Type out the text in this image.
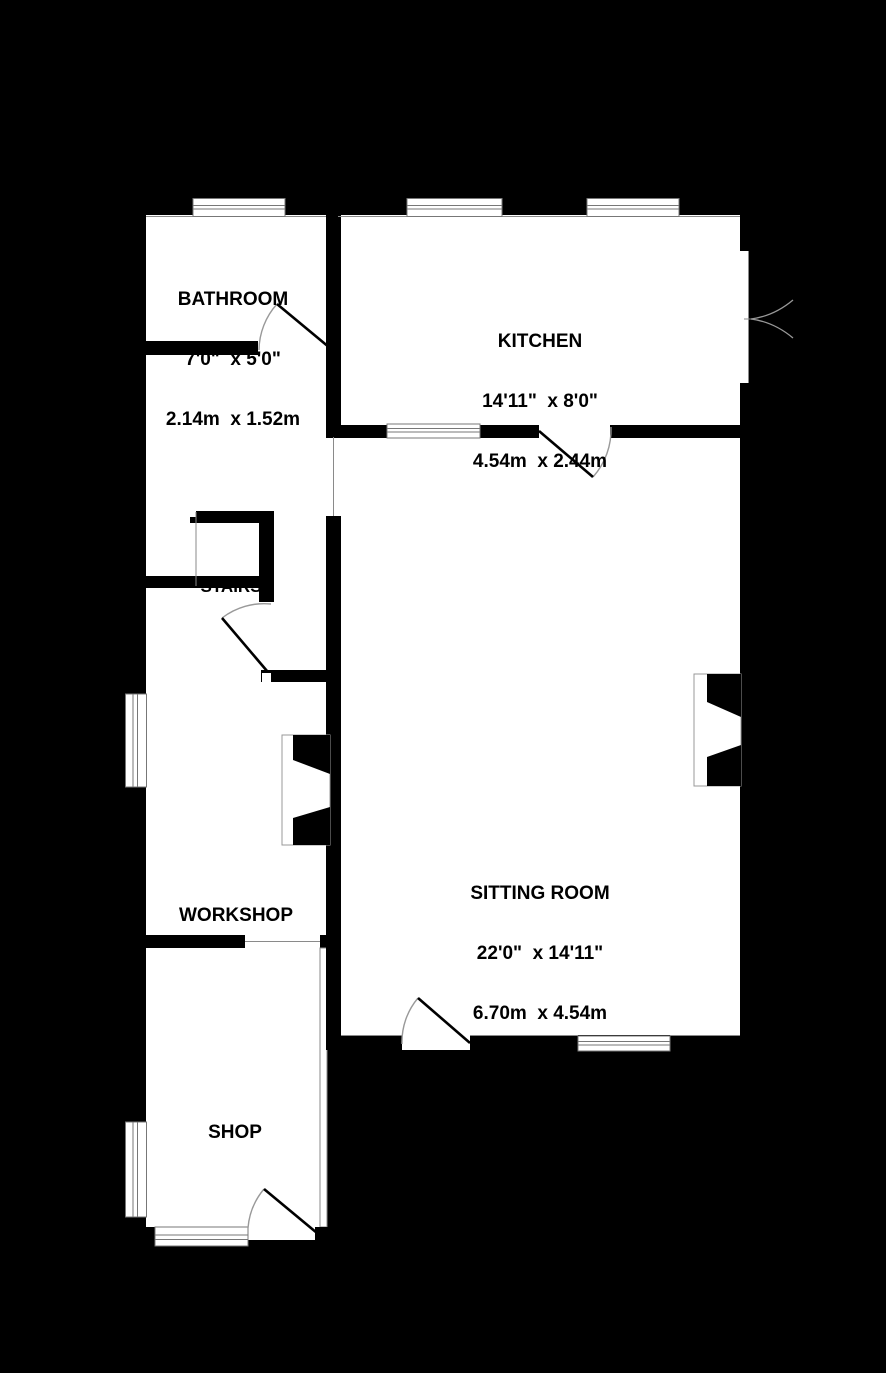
BATHROOM

7'0"  x 5'0"

2.14m  x 1.52m

KITCHEN

14'11"  x 8'0"

4.54m  x 2.44m

STAIRS

WORKSHOP

SITTING ROOM

22'0"  x 14'11"

6.70m  x 4.54m

SHOP
